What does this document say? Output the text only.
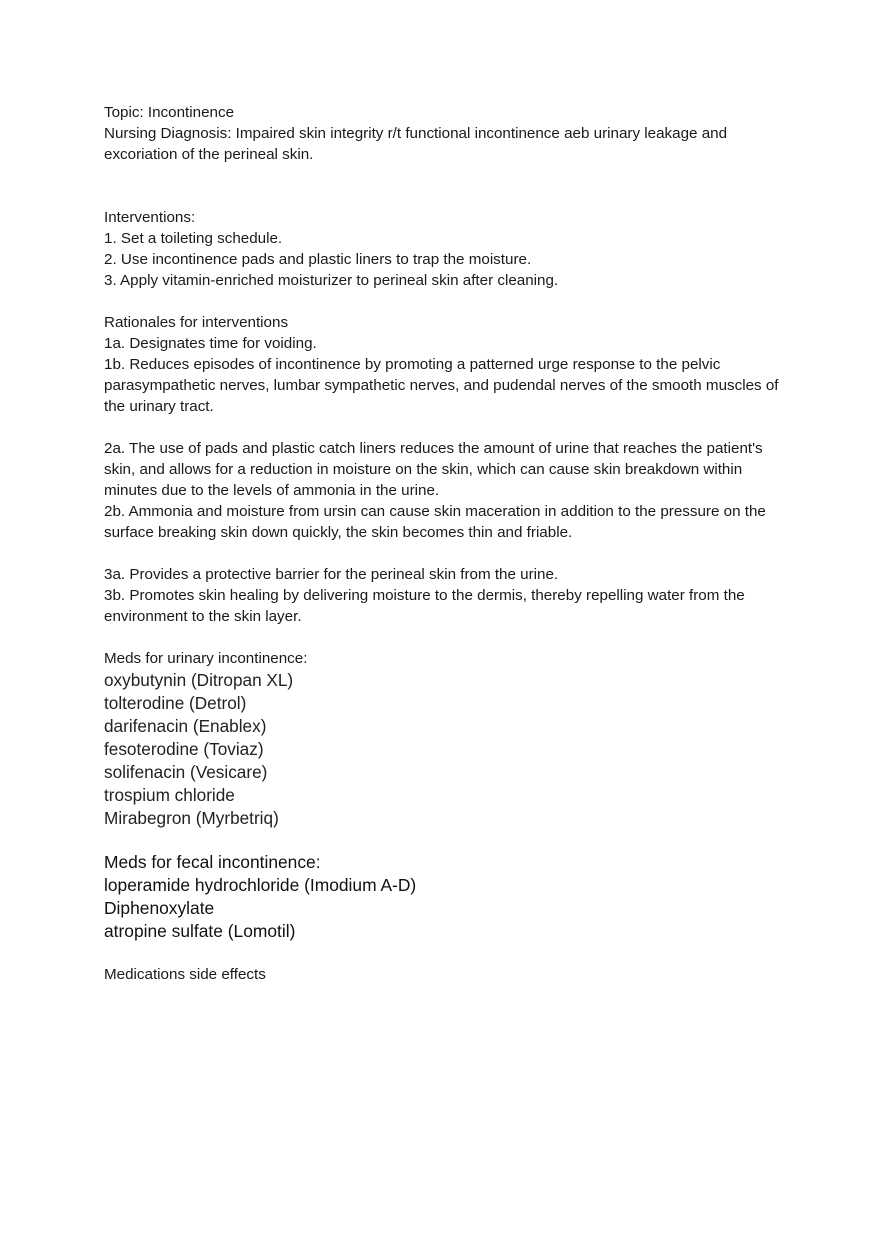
Topic: Incontinence

Nursing Diagnosis: Impaired skin integrity r/t functional incontinence aeb urinary leakage and excoriation of the perineal skin.

Interventions:

1. Set a toileting schedule.
2. Use incontinence pads and plastic liners to trap the moisture.
3. Apply vitamin-enriched moisturizer to perineal skin after cleaning.

Rationales for interventions

1a. Designates time for voiding.

1b. Reduces episodes of incontinence by promoting a patterned urge response to the pelvic parasympathetic nerves, lumbar sympathetic nerves, and pudendal nerves of the smooth muscles of the urinary tract.

2a. The use of pads and plastic catch liners reduces the amount of urine that reaches the patient's skin, and allows for a reduction in moisture on the skin, which can cause skin breakdown within minutes due to the levels of ammonia in the urine.

2b. Ammonia and moisture from ursin can cause skin maceration in addition to the pressure on the surface breaking skin down quickly, the skin becomes thin and friable.

3a. Provides a protective barrier for the perineal skin from the urine.

3b. Promotes skin healing by delivering moisture to the dermis, thereby repelling water from the environment to the skin layer.

Meds for urinary incontinence:

oxybutynin (Ditropan XL)
tolterodine (Detrol)
darifenacin (Enablex)
fesoterodine (Toviaz)
solifenacin (Vesicare)
trospium chloride
Mirabegron (Myrbetriq)

Meds for fecal incontinence:

loperamide hydrochloride (Imodium A-D)
Diphenoxylate
atropine sulfate (Lomotil)

Medications side effects
